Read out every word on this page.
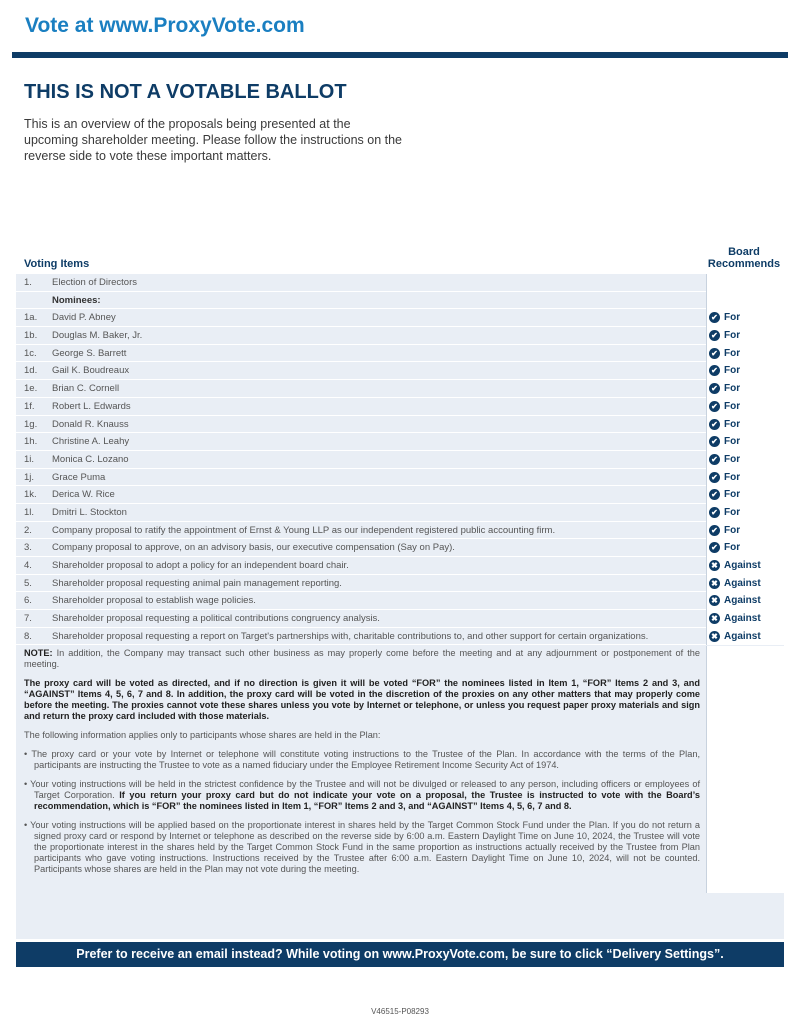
Vote at www.ProxyVote.com
THIS IS NOT A VOTABLE BALLOT
This is an overview of the proposals being presented at the upcoming shareholder meeting. Please follow the instructions on the reverse side to vote these important matters.
Voting Items
Board
Recommends
1. Election of Directors
Nominees:
1a. David P. Abney	✔ For
1b. Douglas M. Baker, Jr.	✔ For
1c. George S. Barrett	✔ For
1d. Gail K. Boudreaux	✔ For
1e. Brian C. Cornell	✔ For
1f. Robert L. Edwards	✔ For
1g. Donald R. Knauss	✔ For
1h. Christine A. Leahy	✔ For
1i. Monica C. Lozano	✔ For
1j. Grace Puma	✔ For
1k. Derica W. Rice	✔ For
1l. Dmitri L. Stockton	✔ For
2. Company proposal to ratify the appointment of Ernst & Young LLP as our independent registered public accounting firm.	✔ For
3. Company proposal to approve, on an advisory basis, our executive compensation (Say on Pay).	✔ For
4. Shareholder proposal to adopt a policy for an independent board chair.	✖ Against
5. Shareholder proposal requesting animal pain management reporting.	✖ Against
6. Shareholder proposal to establish wage policies.	✖ Against
7. Shareholder proposal requesting a political contributions congruency analysis.	✖ Against
8. Shareholder proposal requesting a report on Target's partnerships with, charitable contributions to, and other support for certain organizations.	✖ Against

NOTE: In addition, the Company may transact such other business as may properly come before the meeting and at any adjournment or postponement of the meeting.

The proxy card will be voted as directed, and if no direction is given it will be voted “FOR” the nominees listed in Item 1, “FOR” Items 2 and 3, and “AGAINST” Items 4, 5, 6, 7 and 8. In addition, the proxy card will be voted in the discretion of the proxies on any other matters that may properly come before the meeting. The proxies cannot vote these shares unless you vote by Internet or telephone, or unless you request paper proxy materials and sign and return the proxy card included with those materials.

The following information applies only to participants whose shares are held in the Plan:

• The proxy card or your vote by Internet or telephone will constitute voting instructions to the Trustee of the Plan. In accordance with the terms of the Plan, participants are instructing the Trustee to vote as a named fiduciary under the Employee Retirement Income Security Act of 1974.

• Your voting instructions will be held in the strictest confidence by the Trustee and will not be divulged or released to any person, including officers or employees of Target Corporation. If you return your proxy card but do not indicate your vote on a proposal, the Trustee is instructed to vote with the Board’s recommendation, which is “FOR” the nominees listed in Item 1, “FOR” Items 2 and 3, and “AGAINST” Items 4, 5, 6, 7 and 8.

• Your voting instructions will be applied based on the proportionate interest in shares held by the Target Common Stock Fund under the Plan. If you do not return a signed proxy card or respond by Internet or telephone as described on the reverse side by 6:00 a.m. Eastern Daylight Time on June 10, 2024, the Trustee will vote the proportionate interest in the shares held by the Target Common Stock Fund in the same proportion as instructions actually received by the Trustee from Plan participants who gave voting instructions. Instructions received by the Trustee after 6:00 a.m. Eastern Daylight Time on June 10, 2024, will not be counted. Participants whose shares are held in the Plan may not vote during the meeting.

Prefer to receive an email instead? While voting on www.ProxyVote.com, be sure to click “Delivery Settings”.
V46515-P08293
